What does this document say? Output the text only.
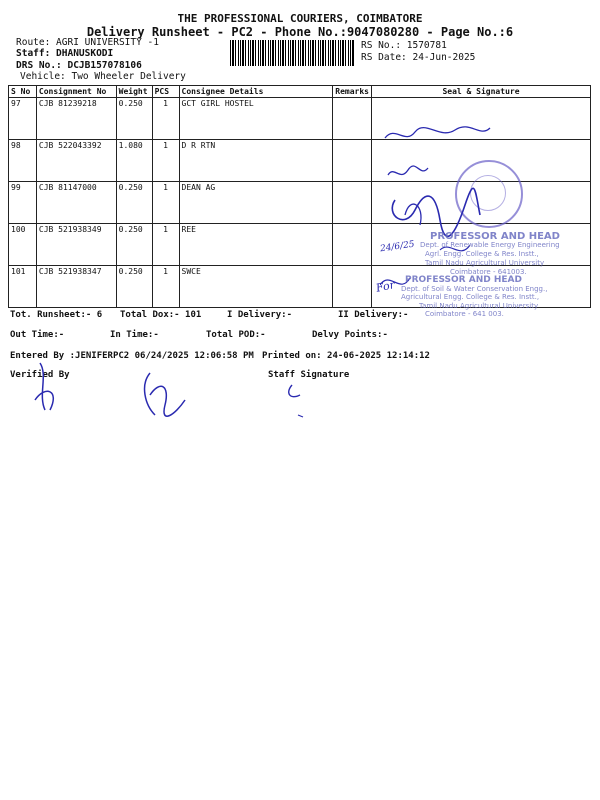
THE PROFESSIONAL COURIERS, COIMBATORE
Delivery Runsheet - PC2 - Phone No.:9047080280 - Page No.:6
Route: AGRI UNIVERSITY -1
Staff: DHANUSKODI
DRS No.: DCJB157078106
Vehicle: Two Wheeler Delivery
RS No.: 1570781
RS Date: 24-Jun-2025
S No	Consignment No	Weight	PCS	Consignee Details	Remarks	Seal & Signature
97	CJB 81239218	0.250	1	GCT GIRL HOSTEL		
98	CJB 522043392	1.080	1	D R RTN		
99	CJB 81147000	0.250	1	DEAN AG		
100	CJB 521938349	0.250	1	REE		
101	CJB 521938347	0.250	1	SWCE		
PROFESSOR AND HEAD
Dept. of Renewable Energy Engineering
Agrl. Engg. College & Res. Instt.,
Tamil Nadu Agricultural University
Coimbatore - 641003.
24/6/25
For PROFESSOR AND HEAD
Dept. of Soil & Water Conservation Engg.,
Agricultural Engg. College & Res. Instt.,
Tamil Nadu Agricultural University
Coimbatore - 641 003.
Tot. Runsheet:- 6 Total Dox:- 101	I Delivery:-	II Delivery:-
Out Time:-	In Time:-	Total POD:-	Delvy Points:-
Entered By :JENIFERPC2 06/24/2025 12:06:58 PM Printed on: 24-06-2025 12:14:12
Verified By	Staff Signature
